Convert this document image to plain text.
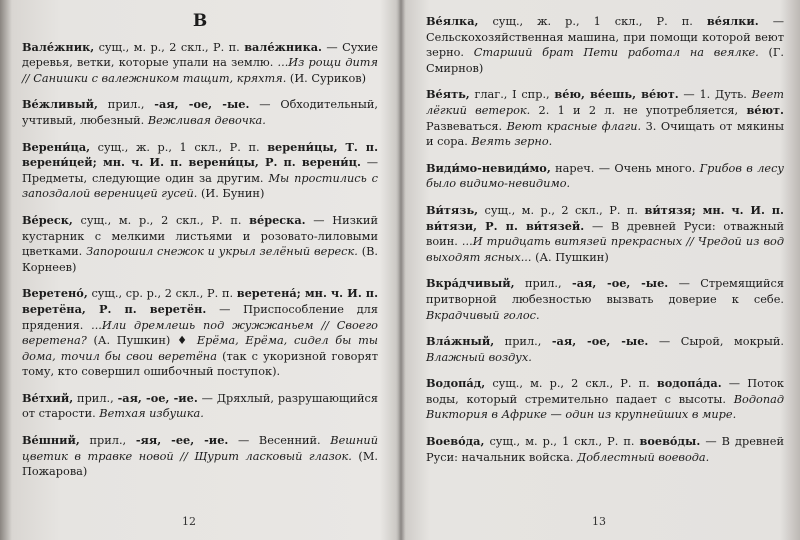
В

Вале́жник, сущ., м. р., 2 скл., Р. п. вале́жника. — Сухие деревья, ветки, которые упали на землю. ...Из рощи дитя // Санишки с валежником тащит, кряхтя. (И. Суриков)

Ве́жливый, прил., -ая, -ое, -ые. — Обходительный, учтивый, любезный. Вежливая девочка.

Верени́ца, сущ., ж. р., 1 скл., Р. п. верени́цы, Т. п. верени́цей; мн. ч. И. п. верени́цы, Р. п. верени́ц. — Предметы, следующие один за другим. Мы простились с запоздалой вереницей гусей. (И. Бунин)

Ве́реск, сущ., м. р., 2 скл., Р. п. ве́реска. — Низкий кустарник с мелкими листьями и розовато-лиловыми цветками. Запорошил снежок и укрыл зелёный вереск. (В. Корнеев)

Веретено́, сущ., ср. р., 2 скл., Р. п. веретена́; мн. ч. И. п. веретёна, Р. п. веретён. — Приспособление для прядения. ...Или дремлешь под жужжаньем // Своего веретена? (А. Пушкин) ♦ Ерёма, Ерёма, сидел бы ты дома, точил бы свои веретёна (так с укоризной говорят тому, кто совершил ошибочный поступок).

Ве́тхий, прил., -ая, -ое, -ие. — Дряхлый, разрушающийся от старости. Ветхая избушка.

Ве́шний, прил., -яя, -ее, -ие. — Весенний. Вешний цветик в травке новой // Щурит ласковый глазок. (М. Пожарова)

12

Ве́ялка, сущ., ж. р., 1 скл., Р. п. ве́ялки. — Сельскохозяйственная машина, при помощи которой веют зерно. Старший брат Пети работал на веялке. (Г. Смирнов)

Ве́ять, глаг., I спр., ве́ю, ве́ешь, ве́ют. — 1. Дуть. Веет лёгкий ветерок. 2. 1 и 2 л. не употребляется, ве́ют. Развеваться. Веют красные флаги. 3. Очищать от мякины и сора. Веять зерно.

Види́мо-невиди́мо, нареч. — Очень много. Грибов в лесу было видимо-невидимо.

Ви́тязь, сущ., м. р., 2 скл., Р. п. ви́тязя; мн. ч. И. п. ви́тязи, Р. п. ви́тязей. — В древней Руси: отважный воин. ...И тридцать витязей прекрасных // Чредой из вод выходят ясных... (А. Пушкин)

Вкра́дчивый, прил., -ая, -ое, -ые. — Стремящийся притворной любезностью вызвать доверие к себе. Вкрадчивый голос.

Вла́жный, прил., -ая, -ое, -ые. — Сырой, мокрый. Влажный воздух.

Водопа́д, сущ., м. р., 2 скл., Р. п. водопа́да. — Поток воды, который стремительно падает с высоты. Водопад Виктория в Африке — один из крупнейших в мире.

Воево́да, сущ., м. р., 1 скл., Р. п. воево́ды. — В древней Руси: начальник войска. Доблестный воевода.

13
